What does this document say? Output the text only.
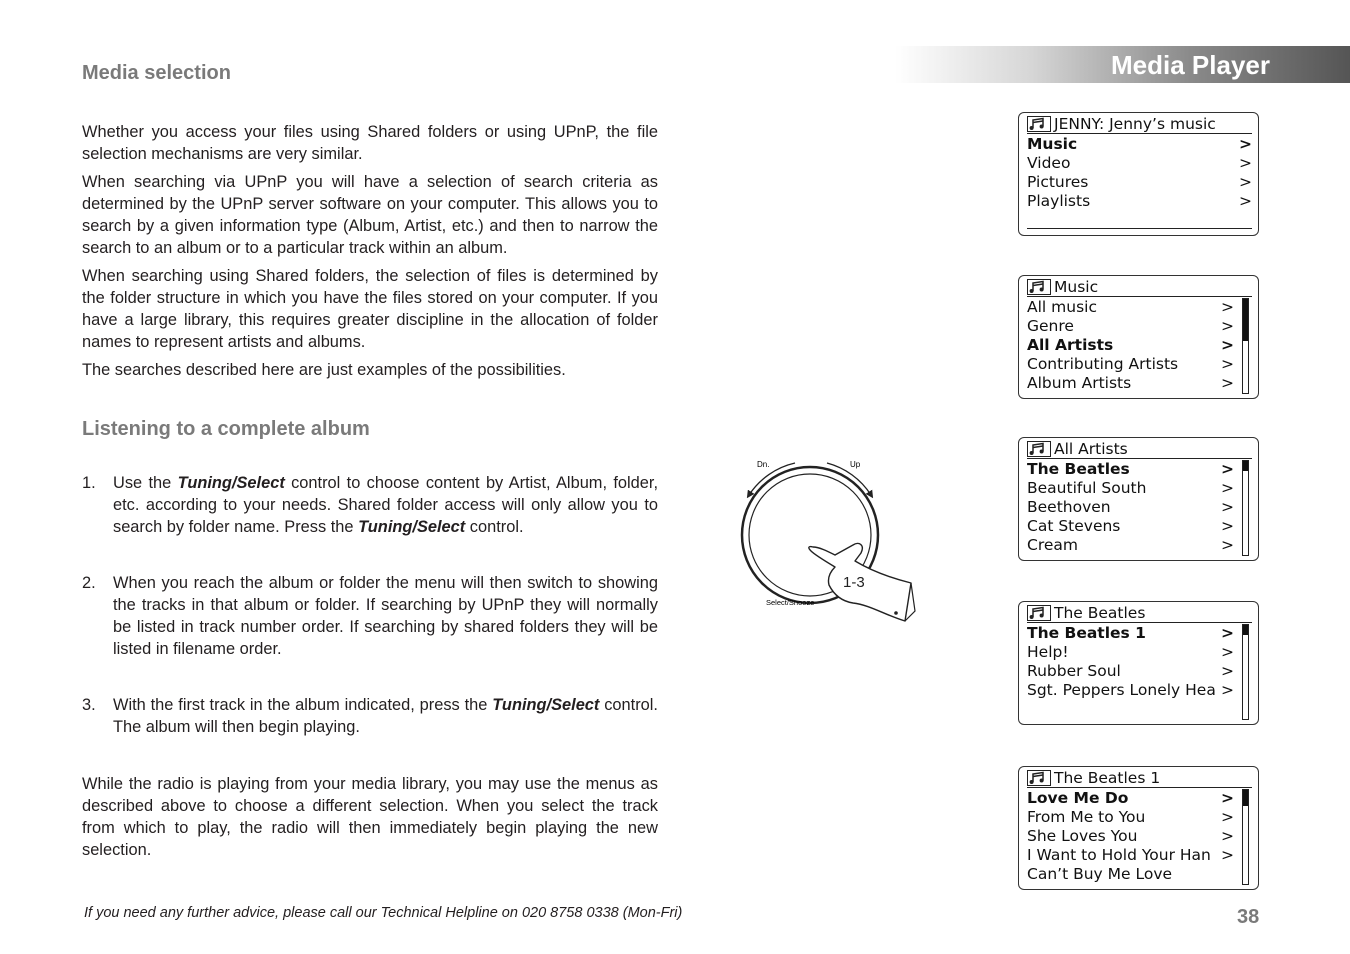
Media Player
Media selection

Whether you access your files using Shared folders or using UPnP, the file selection mechanisms are very similar.

When searching via UPnP you will have a selection of search criteria as determined by the UPnP server software on your computer. This allows you to search by a given information type (Album, Artist, etc.) and then to narrow the search to an album or to a particular track within an album.

When searching using Shared folders, the selection of files is determined by the folder structure in which you have the files stored on your computer. If you have a large library, this requires greater discipline in the allocation of folder names to represent artists and albums.

The searches described here are just examples of the possibilities.

Listening to a complete album
1. Use the Tuning/Select control to choose content by Artist, Album, folder, etc. according to your needs. Shared folder access will only allow you to search by folder name. Press the Tuning/Select control.
2. When you reach the album or folder the menu will then switch to showing the tracks in that album or folder. If searching by UPnP they will normally be listed in track number order. If searching by shared folders they will be listed in filename order.
3. With the first track in the album indicated, press the Tuning/Select control. The album will then begin playing.

While the radio is playing from your media library, you may use the menus as described above to choose a different selection. When you select the track from which to play, the radio will then immediately begin playing the new selection.

Dn.	Up
Select/Snooze
1-3
JENNY: Jenny’s music
Music	>
Video	>
Pictures	>
Playlists	>
Music
All music	>
Genre	>
All Artists	>
Contributing Artists	>
Album Artists	>
All Artists
The Beatles	>
Beautiful South	>
Beethoven	>
Cat Stevens	>
Cream	>
The Beatles
The Beatles 1	>
Help!	>
Rubber Soul	>
Sgt. Peppers Lonely Hea >
The Beatles 1
Love Me Do	>
From Me to You	>
She Loves You	>
I Want to Hold Your Han >
Can’t Buy Me Love
If you need any further advice, please call our Technical Helpline on 020 8758 0338 (Mon-Fri)	38
